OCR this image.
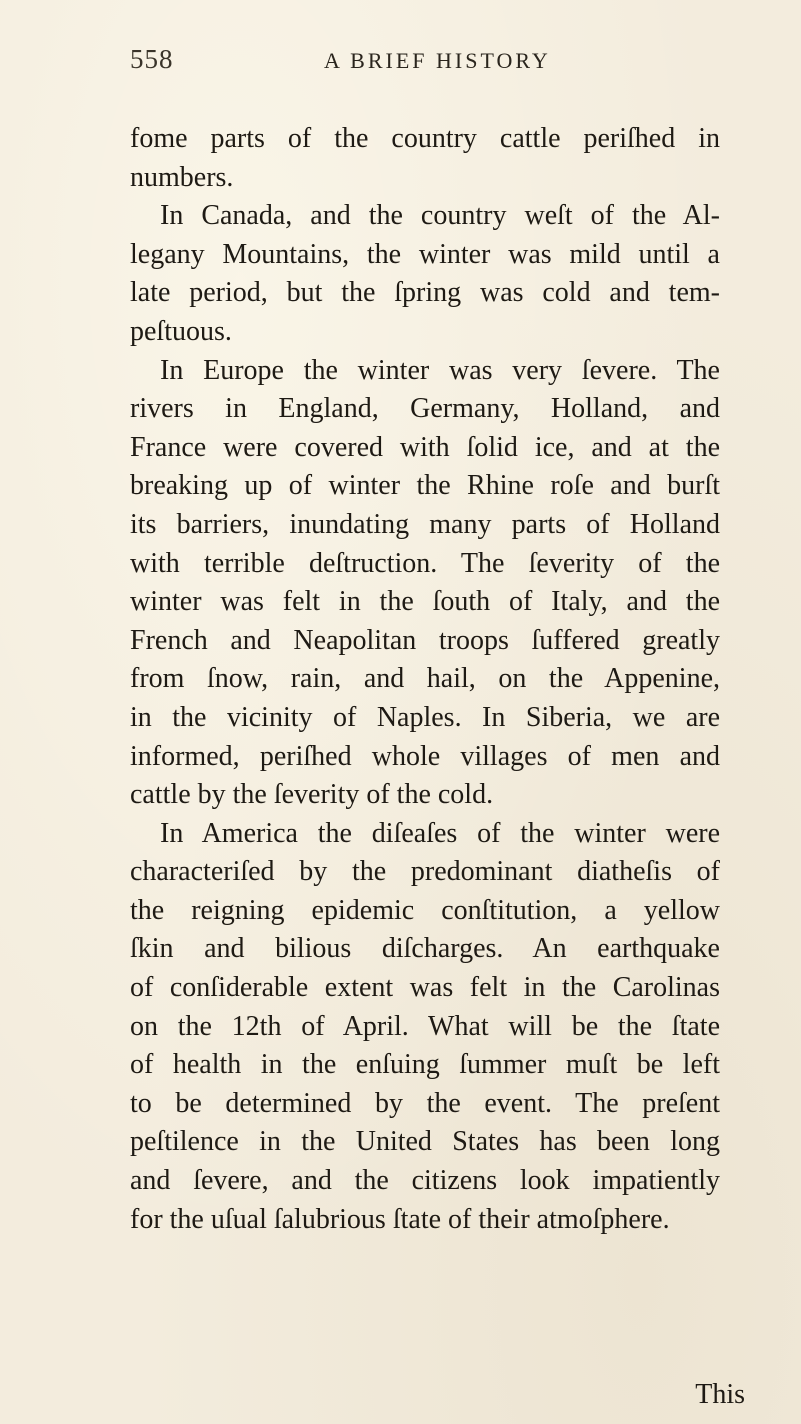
558	A BRIEF HISTORY
fome parts of the country cattle periſhed in
numbers.
In Canada, and the country weſt of the Al-
legany Mountains, the winter was mild until a
late period, but the ſpring was cold and tem-
peſtuous.
In Europe the winter was very ſevere. The
rivers in England, Germany, Holland, and
France were covered with ſolid ice, and at the
breaking up of winter the Rhine roſe and burſt
its barriers, inundating many parts of Holland
with terrible deſtruction. The ſeverity of the
winter was felt in the ſouth of Italy, and the
French and Neapolitan troops ſuffered greatly
from ſnow, rain, and hail, on the Appenine,
in the vicinity of Naples. In Siberia, we are
informed, periſhed whole villages of men and
cattle by the ſeverity of the cold.
In America the diſeaſes of the winter were
characteriſed by the predominant diatheſis of
the reigning epidemic conſtitution, a yellow
ſkin and bilious diſcharges. An earthquake
of conſiderable extent was felt in the Carolinas
on the 12th of April. What will be the ſtate
of health in the enſuing ſummer muſt be left
to be determined by the event. The preſent
peſtilence in the United States has been long
and ſevere, and the citizens look impatiently
for the uſual ſalubrious ſtate of their atmoſphere.
This
